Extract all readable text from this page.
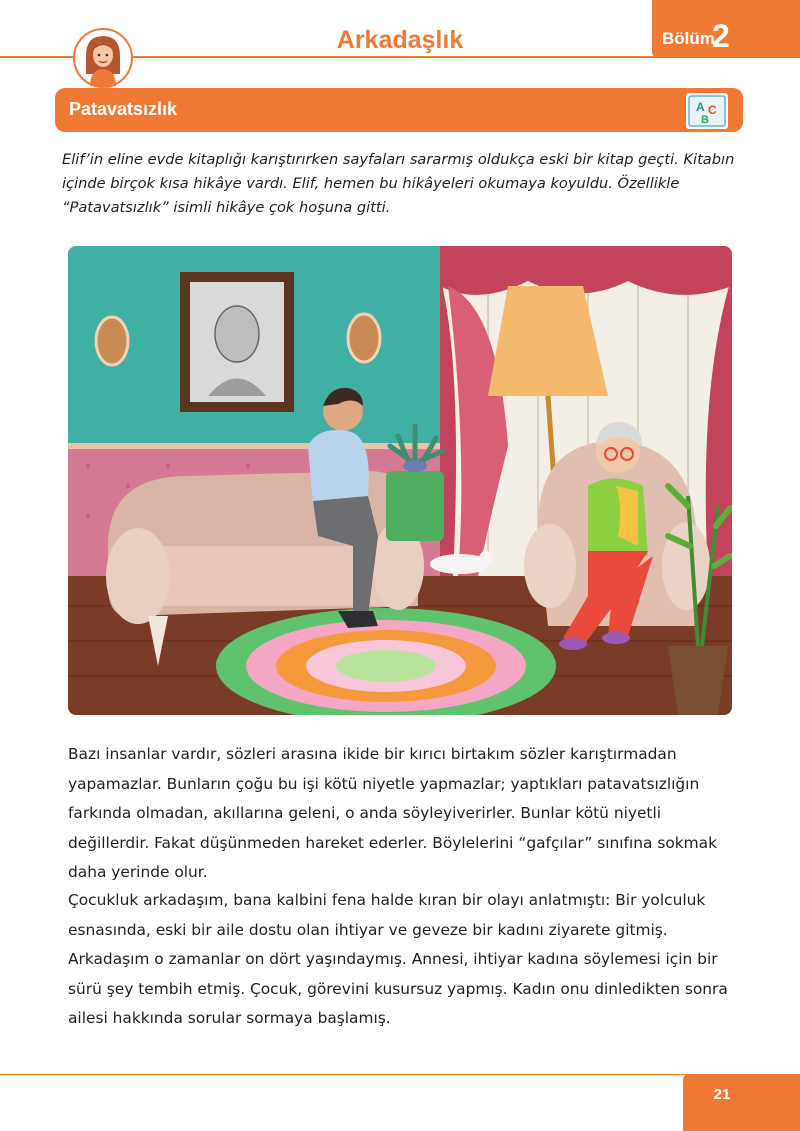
Arkadaşlık	Bölüm
2
Patavatsızlık	A C
B

Elif’in eline evde kitaplığı karıştırırken sayfaları sararmış oldukça eski bir kitap geçti. Kitabın içinde birçok kısa hikâye vardı. Elif, hemen bu hikâyeleri okumaya koyuldu. Özellikle “Patavatsızlık” isimli hikâye çok hoşuna gitti.

Bazı insanlar vardır, sözleri arasına ikide bir kırıcı birtakım sözler karıştırmadan yapamazlar. Bunların çoğu bu işi kötü niyetle yapmazlar; yaptıkları patavatsızlığın farkında olmadan, akıllarına geleni, o anda söyleyiverirler. Bunlar kötü niyetli değillerdir. Fakat düşünmeden hareket ederler. Böylelerini “gafçılar” sınıfına sokmak daha yerinde olur.

Çocukluk arkadaşım, bana kalbini fena halde kıran bir olayı anlatmıştı: Bir yolculuk esnasında, eski bir aile dostu olan ihtiyar ve geveze bir kadını ziyarete gitmiş. Arkadaşım o zamanlar on dört yaşındaymış. Annesi, ihtiyar kadına söylemesi için bir sürü şey tembih etmiş. Çocuk, görevini kusursuz yapmış. Kadın onu dinledikten sonra ailesi hakkında sorular sormaya başlamış.

21
